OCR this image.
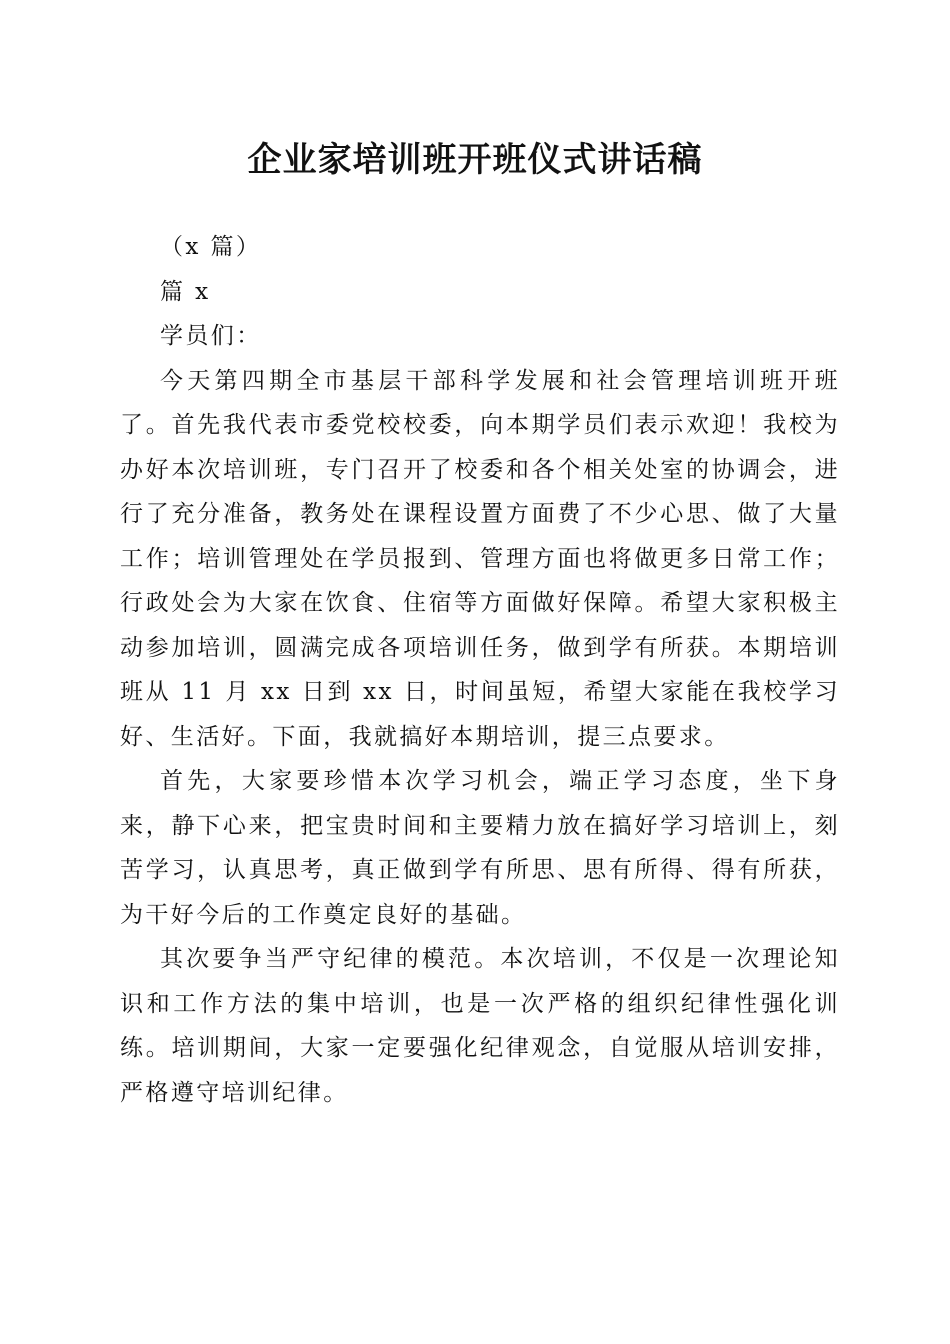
企业家培训班开班仪式讲话稿

（x 篇）

篇 x

学员们：

今天第四期全市基层干部科学发展和社会管理培训班开班了。首先我代表市委党校校委，向本期学员们表示欢迎！我校为办好本次培训班，专门召开了校委和各个相关处室的协调会，进行了充分准备，教务处在课程设置方面费了不少心思、做了大量工作；培训管理处在学员报到、管理方面也将做更多日常工作；行政处会为大家在饮食、住宿等方面做好保障。希望大家积极主动参加培训，圆满完成各项培训任务，做到学有所获。本期培训班从 11 月 xx 日到 xx 日，时间虽短，希望大家能在我校学习好、生活好。下面，我就搞好本期培训，提三点要求。

首先，大家要珍惜本次学习机会，端正学习态度，坐下身来，静下心来，把宝贵时间和主要精力放在搞好学习培训上，刻苦学习，认真思考，真正做到学有所思、思有所得、得有所获，为干好今后的工作奠定良好的基础。

其次要争当严守纪律的模范。本次培训，不仅是一次理论知识和工作方法的集中培训，也是一次严格的组织纪律性强化训练。培训期间，大家一定要强化纪律观念，自觉服从培训安排，严格遵守培训纪律。
